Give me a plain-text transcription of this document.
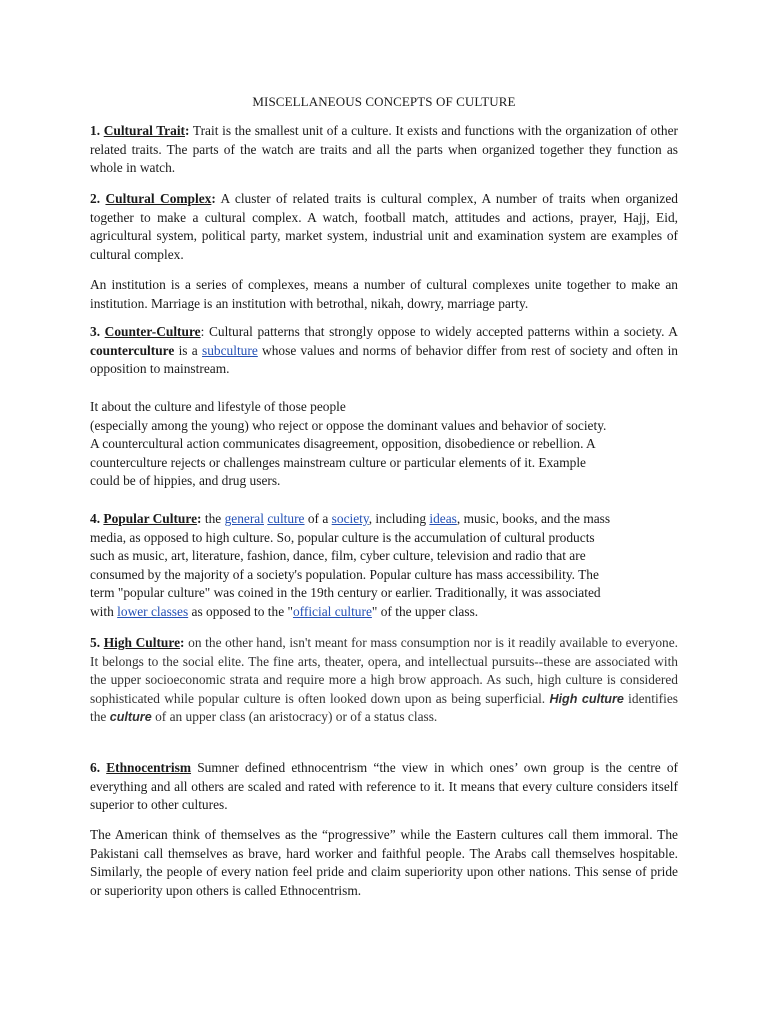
MISCELLANEOUS CONCEPTS OF CULTURE

1. Cultural Trait: Trait is the smallest unit of a culture. It exists and functions with the organization of other related traits. The parts of the watch are traits and all the parts when organized together they function as whole in watch.

2. Cultural Complex: A cluster of related traits is cultural complex, A number of traits when organized together to make a cultural complex. A watch, football match, attitudes and actions, prayer, Hajj, Eid, agricultural system, political party, market system, industrial unit and examination system are examples of cultural complex.

An institution is a series of complexes, means a number of cultural complexes unite together to make an institution. Marriage is an institution with betrothal, nikah, dowry, marriage party.

3. Counter-Culture: Cultural patterns that strongly oppose to widely accepted patterns within a society. A counterculture is a subculture whose values and norms of behavior differ from rest of society and often in opposition to mainstream.

It about the culture and lifestyle of those people
(especially among the young) who reject or oppose the dominant values and behavior of society.
A countercultural action communicates disagreement, opposition, disobedience or rebellion. A
counterculture rejects or challenges mainstream culture or particular elements of it. Example
could be of hippies, and drug users.
4. Popular Culture: the general culture of a society, including ideas, music, books, and the mass
media, as opposed to high culture. So, popular culture is the accumulation of cultural products
such as music, art, literature, fashion, dance, film, cyber culture, television and radio that are
consumed by the majority of a society's population. Popular culture has mass accessibility. The
term "popular culture" was coined in the 19th century or earlier. Traditionally, it was associated
with lower classes as opposed to the "official culture" of the upper class.

5. High Culture: on the other hand, isn't meant for mass consumption nor is it readily available to everyone. It belongs to the social elite. The fine arts, theater, opera, and intellectual pursuits--these are associated with the upper socioeconomic strata and require more a high brow approach. As such, high culture is considered sophisticated while popular culture is often looked down upon as being superficial. High culture identifies the culture of an upper class (an aristocracy) or of a status class.

6. Ethnocentrism Sumner defined ethnocentrism “the view in which ones’ own group is the centre of everything and all others are scaled and rated with reference to it. It means that every culture considers itself superior to other cultures.

The American think of themselves as the “progressive” while the Eastern cultures call them immoral. The Pakistani call themselves as brave, hard worker and faithful people. The Arabs call themselves hospitable. Similarly, the people of every nation feel pride and claim superiority upon other nations. This sense of pride or superiority upon others is called Ethnocentrism.
